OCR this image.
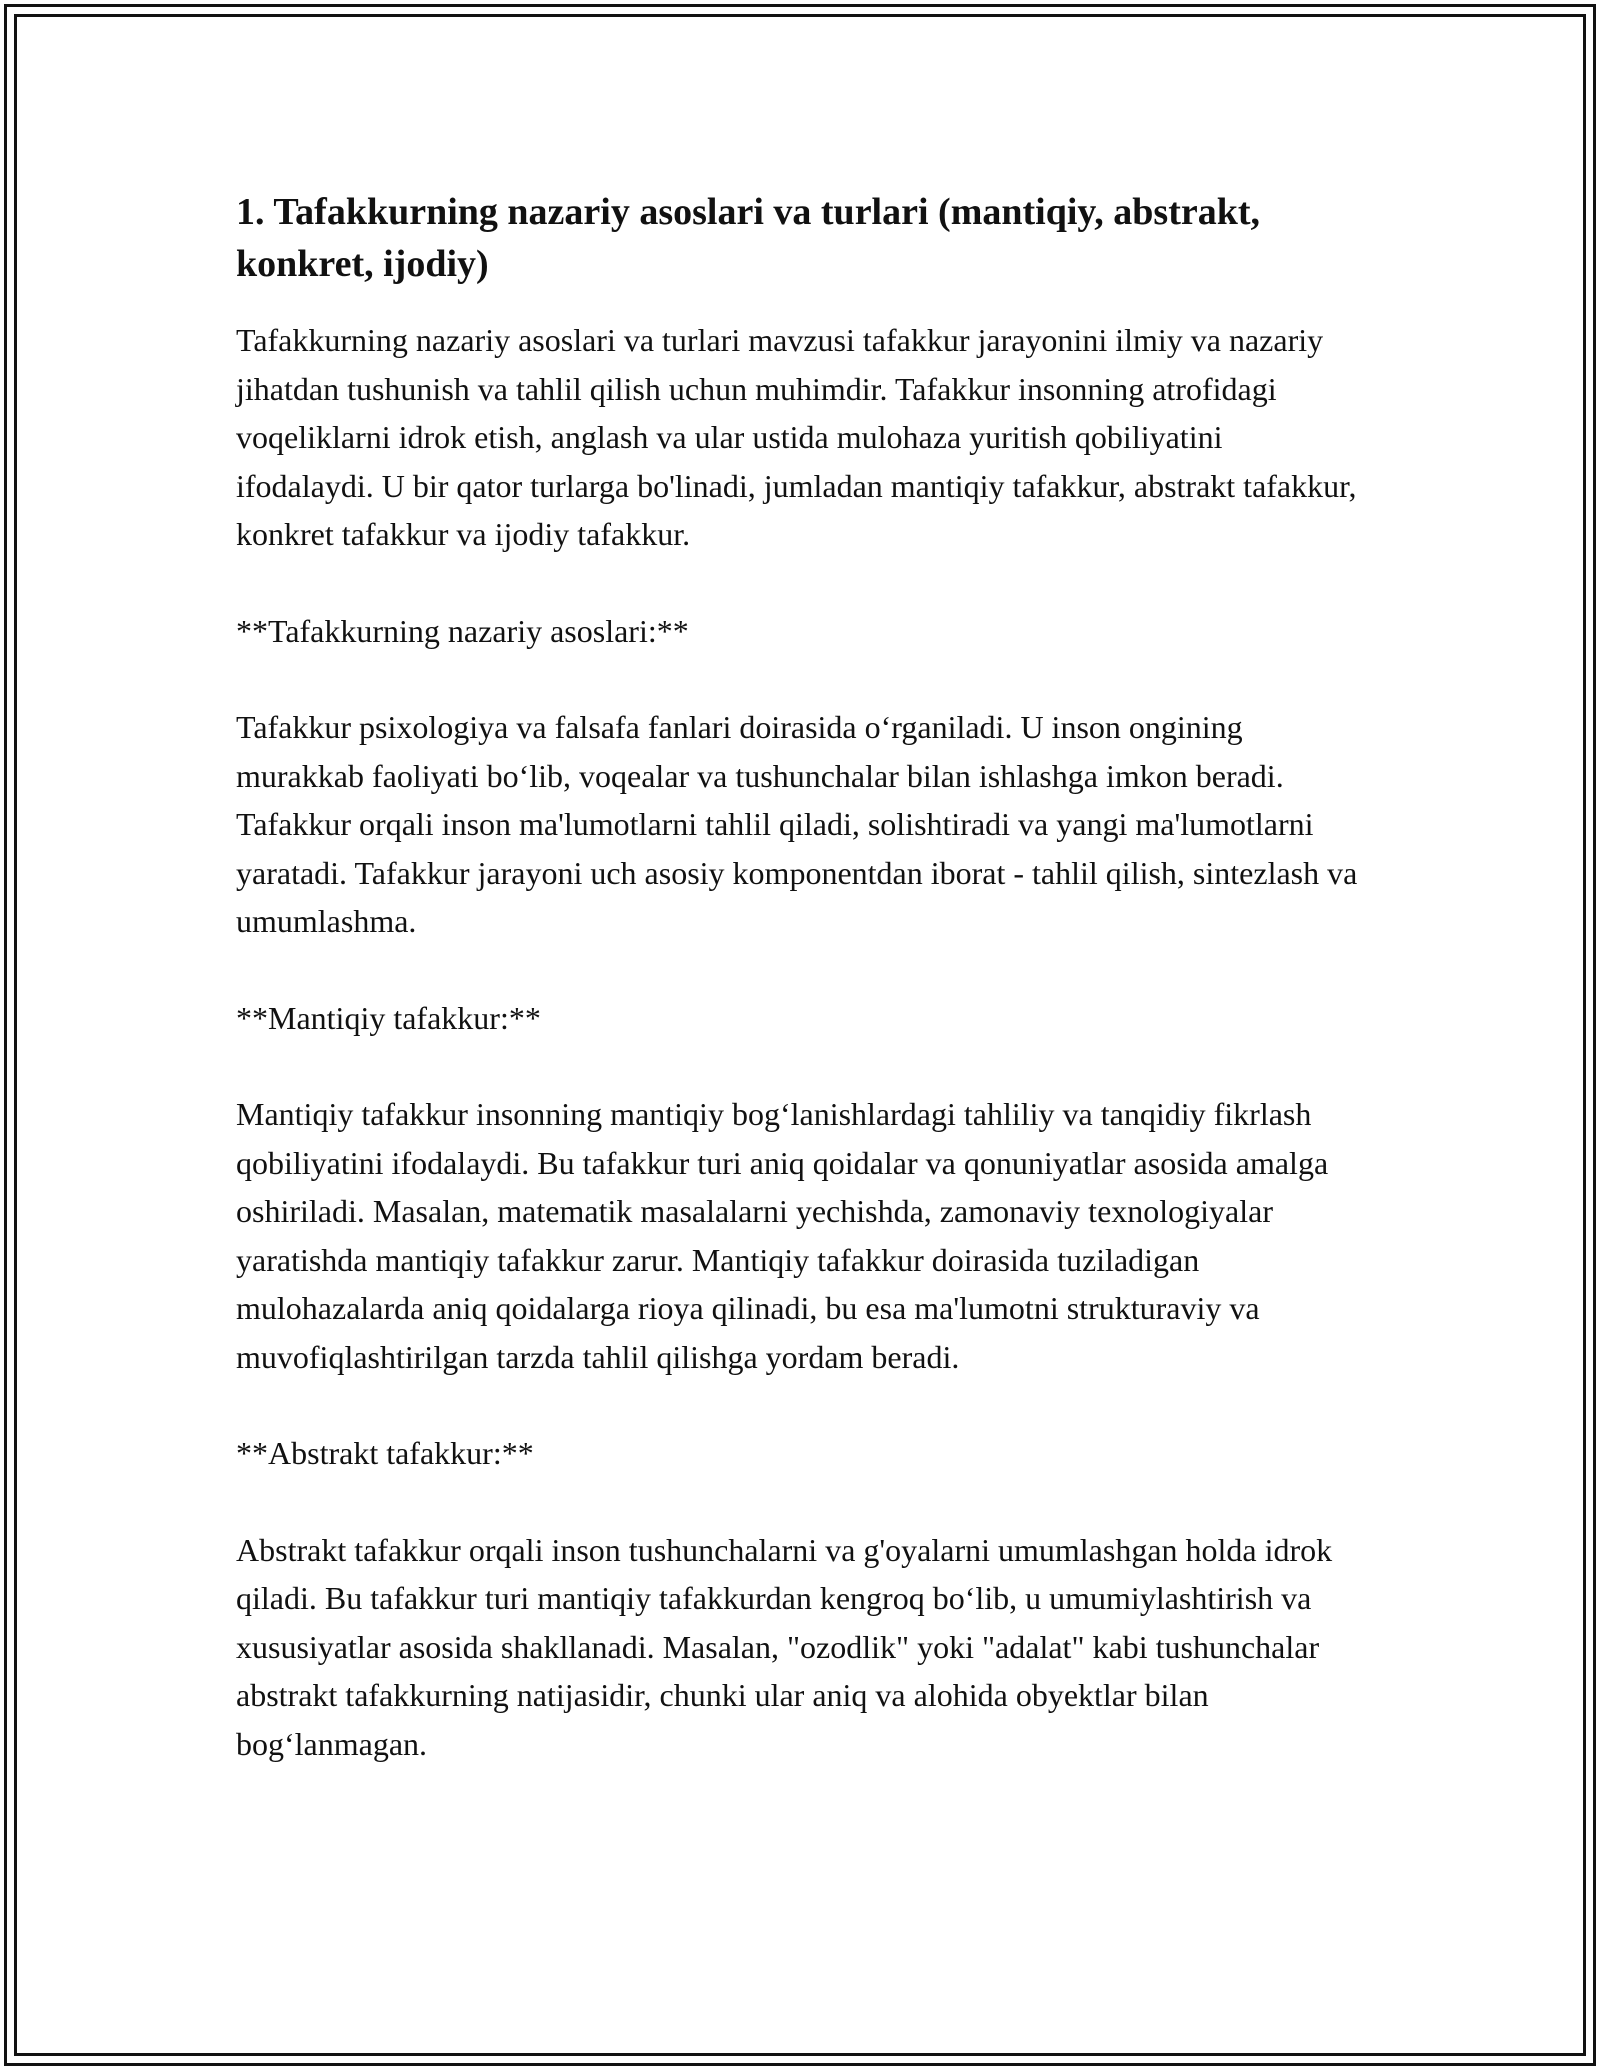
1. Tafakkurning nazariy asoslari va turlari (mantiqiy, abstrakt, konkret, ijodiy)

Tafakkurning nazariy asoslari va turlari mavzusi tafakkur jarayonini ilmiy va nazariy jihatdan tushunish va tahlil qilish uchun muhimdir. Tafakkur insonning atrofidagi voqeliklarni idrok etish, anglash va ular ustida mulohaza yuritish qobiliyatini ifodalaydi. U bir qator turlarga bo'linadi, jumladan mantiqiy tafakkur, abstrakt tafakkur, konkret tafakkur va ijodiy tafakkur.

**Tafakkurning nazariy asoslari:**

Tafakkur psixologiya va falsafa fanlari doirasida o‘rganiladi. U inson ongining murakkab faoliyati bo‘lib, voqealar va tushunchalar bilan ishlashga imkon beradi. Tafakkur orqali inson ma'lumotlarni tahlil qiladi, solishtiradi va yangi ma'lumotlarni yaratadi. Tafakkur jarayoni uch asosiy komponentdan iborat - tahlil qilish, sintezlash va umumlashma.

**Mantiqiy tafakkur:**

Mantiqiy tafakkur insonning mantiqiy bog‘lanishlardagi tahliliy va tanqidiy fikrlash qobiliyatini ifodalaydi. Bu tafakkur turi aniq qoidalar va qonuniyatlar asosida amalga oshiriladi. Masalan, matematik masalalarni yechishda, zamonaviy texnologiyalar yaratishda mantiqiy tafakkur zarur. Mantiqiy tafakkur doirasida tuziladigan mulohazalarda aniq qoidalarga rioya qilinadi, bu esa ma'lumotni strukturaviy va muvofiqlashtirilgan tarzda tahlil qilishga yordam beradi.

**Abstrakt tafakkur:**

Abstrakt tafakkur orqali inson tushunchalarni va g'oyalarni umumlashgan holda idrok qiladi. Bu tafakkur turi mantiqiy tafakkurdan kengroq bo‘lib, u umumiylashtirish va xususiyatlar asosida shakllanadi. Masalan, "ozodlik" yoki "adalat" kabi tushunchalar abstrakt tafakkurning natijasidir, chunki ular aniq va alohida obyektlar bilan bog‘lanmagan.
